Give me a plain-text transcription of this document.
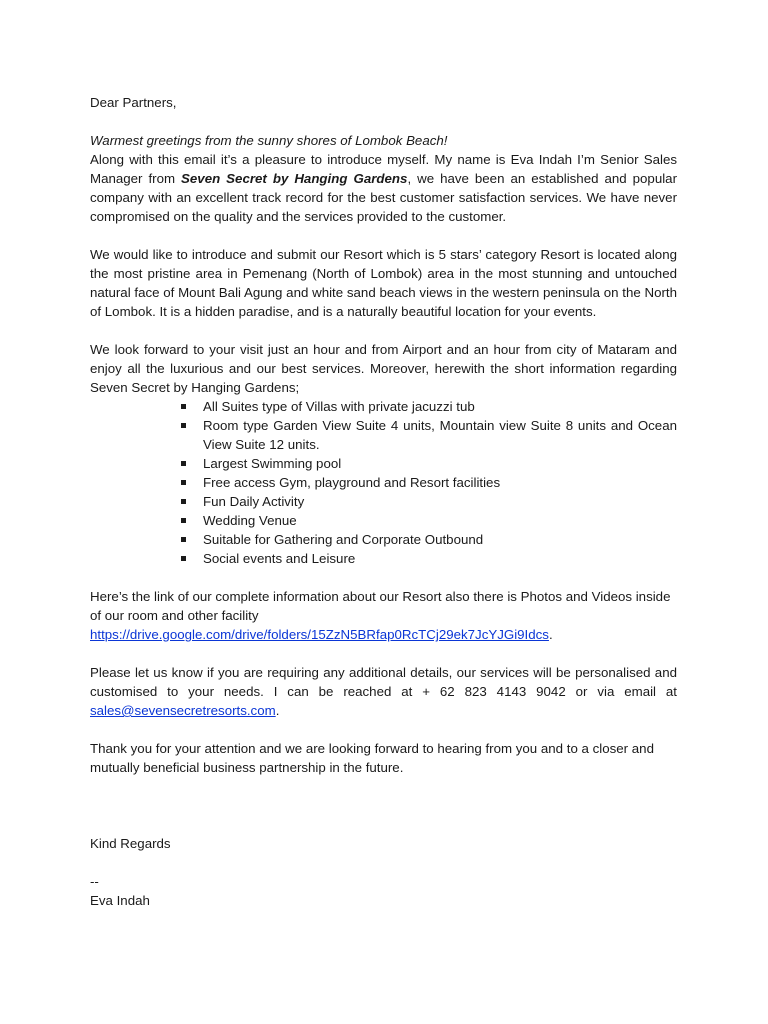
Dear Partners,

Warmest greetings from the sunny shores of Lombok Beach!

Along with this email it’s a pleasure to introduce myself. My name is Eva Indah I’m Senior Sales Manager from Seven Secret by Hanging Gardens, we have been an established and popular company with an excellent track record for the best customer satisfaction services. We have never compromised on the quality and the services provided to the customer.

We would like to introduce and submit our Resort which is 5 stars’ category Resort is located along the most pristine area in Pemenang (North of Lombok) area in the most stunning and untouched natural face of Mount Bali Agung and white sand beach views in the western peninsula on the North of Lombok. It is a hidden paradise, and is a naturally beautiful location for your events.

We look forward to your visit just an hour and from Airport and an hour from city of Mataram and enjoy all the luxurious and our best services. Moreover, herewith the short information regarding Seven Secret by Hanging Gardens;

All Suites type of Villas with private jacuzzi tub
Room type Garden View Suite 4 units, Mountain view Suite 8 units and Ocean View Suite 12 units.
Largest Swimming pool
Free access Gym, playground and Resort facilities
Fun Daily Activity
Wedding Venue
Suitable for Gathering and Corporate Outbound
Social events and Leisure

Here’s the link of our complete information about our Resort also there is Photos and Videos inside of our room and other facility
https://drive.google.com/drive/folders/15ZzN5BRfap0RcTCj29ek7JcYJGi9Idcs.

Please let us know if you are requiring any additional details, our services will be personalised and customised to your needs. I can be reached at + 62 823 4143 9042 or via email at sales@sevensecretresorts.com.

Thank you for your attention and we are looking forward to hearing from you and to a closer and mutually beneficial business partnership in the future.

Kind Regards

--

Eva Indah
